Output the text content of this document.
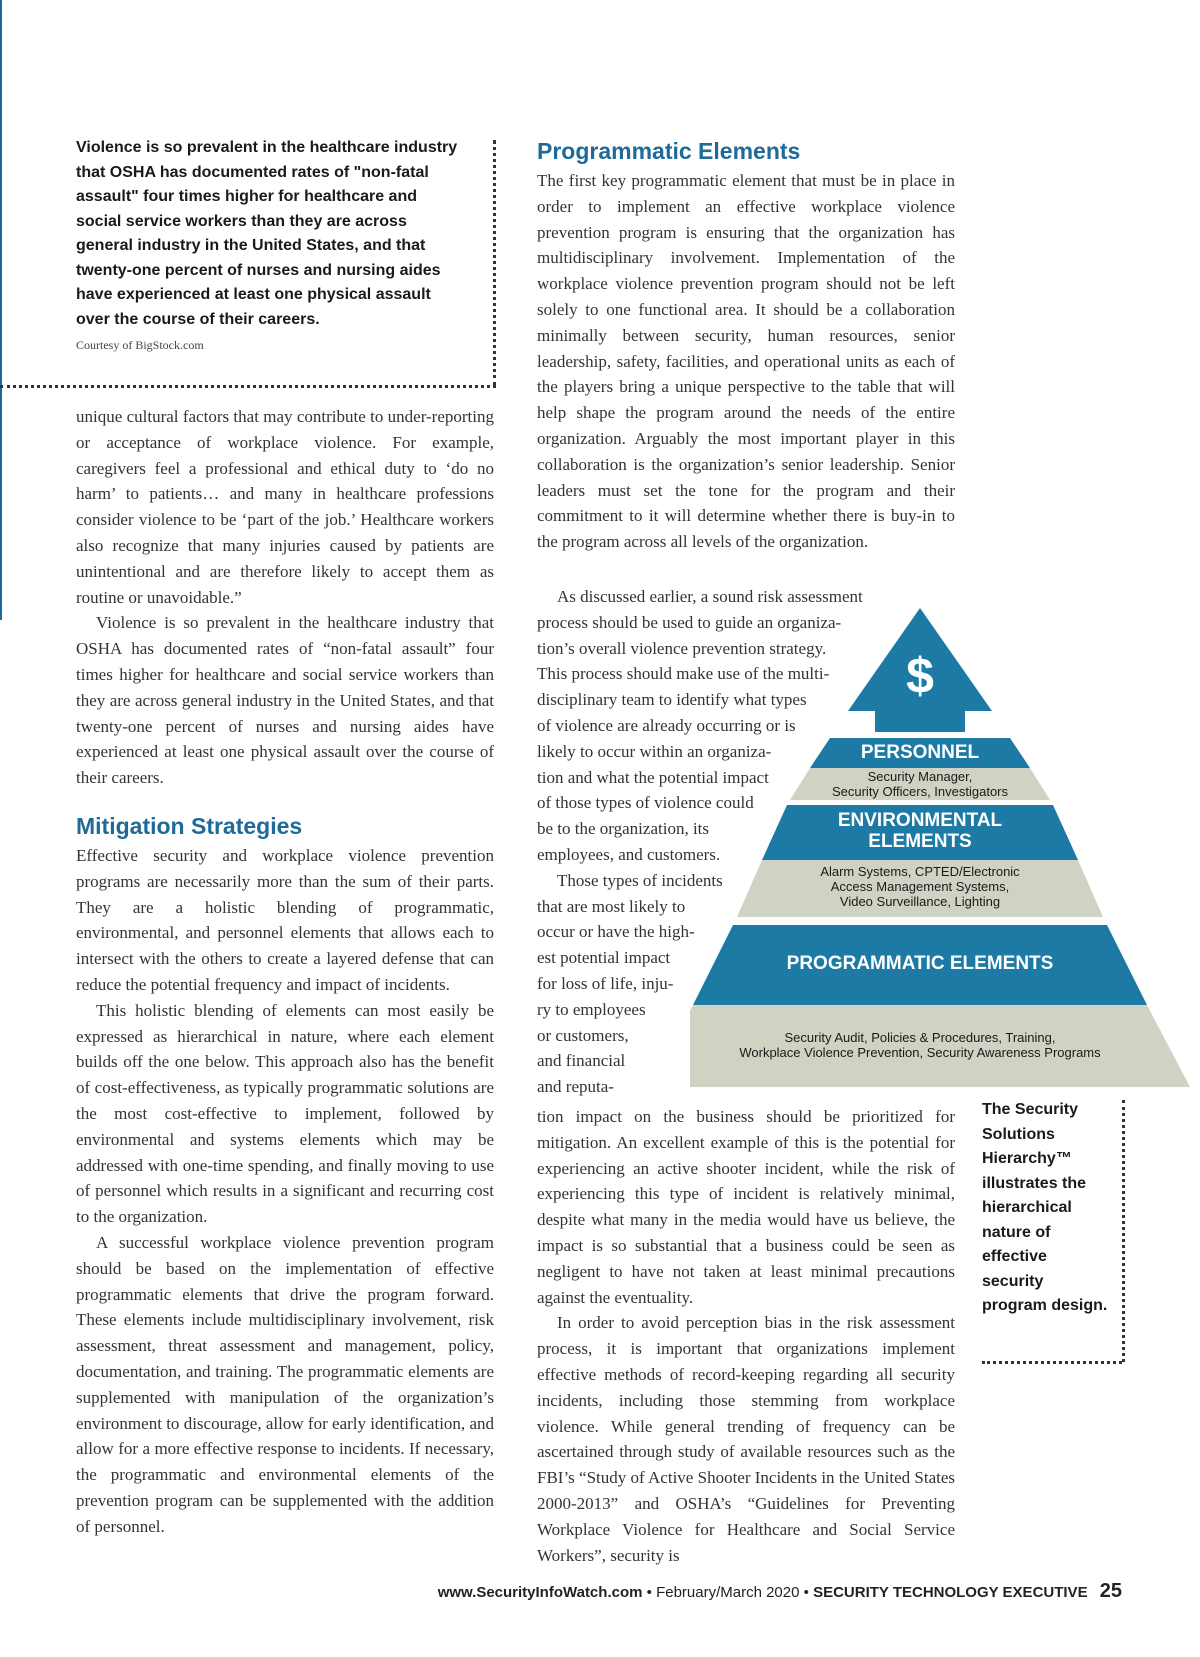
Violence is so prevalent in the healthcare industry that OSHA has documented rates of "non-fatal assault" four times higher for healthcare and social service workers than they are across general industry in the United States, and that twenty-one percent of nurses and nursing aides have experienced at least one physical assault over the course of their careers.

Courtesy of BigStock.com

unique cultural factors that may contribute to under-reporting or acceptance of workplace violence. For example, caregivers feel a professional and ethical duty to ‘do no harm’ to patients… and many in healthcare professions consider violence to be ‘part of the job.’ Healthcare workers also recognize that many injuries caused by patients are unintentional and are therefore likely to accept them as routine or unavoidable.”

Violence is so prevalent in the healthcare industry that OSHA has documented rates of “non-fatal assault” four times higher for healthcare and social service workers than they are across general industry in the United States, and that twenty-one percent of nurses and nursing aides have experienced at least one physical assault over the course of their careers.

Mitigation Strategies

Effective security and workplace violence prevention programs are necessarily more than the sum of their parts. They are a holistic blending of programmatic, environmental, and personnel elements that allows each to intersect with the others to create a layered defense that can reduce the potential frequency and impact of incidents.

This holistic blending of elements can most easily be expressed as hierarchical in nature, where each element builds off the one below. This approach also has the benefit of cost-effectiveness, as typically programmatic solutions are the most cost-effective to implement, followed by environmental and systems elements which may be addressed with one-time spending, and finally moving to use of personnel which results in a significant and recurring cost to the organization.

A successful workplace violence prevention program should be based on the implementation of effective programmatic elements that drive the program forward. These elements include multidisciplinary involvement, risk assessment, threat assessment and management, policy, documentation, and training. The programmatic elements are supplemented with manipulation of the organization’s environment to discourage, allow for early identification, and allow for a more effective response to incidents. If necessary, the programmatic and environmental elements of the prevention program can be supplemented with the addition of personnel.

Programmatic Elements

The first key programmatic element that must be in place in order to implement an effective workplace violence prevention program is ensuring that the organization has multidisciplinary involvement. Implementation of the workplace violence prevention program should not be left solely to one functional area. It should be a collaboration minimally between security, human resources, senior leadership, safety, facilities, and operational units as each of the players bring a unique perspective to the table that will help shape the program around the needs of the entire organization. Arguably the most important player in this collaboration is the organization’s senior leadership. Senior leaders must set the tone for the program and their commitment to it will determine whether there is buy-in to the program across all levels of the organization.

As discussed earlier, a sound risk assessment
process should be used to guide an organiza-
tion’s overall violence prevention strategy.
This process should make use of the multi-
disciplinary team to identify what types
of violence are already occurring or is
likely to occur within an organiza-
tion and what the potential impact
of those types of violence could
be to the organization, its
employees, and customers.
Those types of incidents
that are most likely to
occur or have the high-
est potential impact
for loss of life, inju-
ry to employees
or customers,
and financial
and reputa-

tion impact on the business should be prioritized for mitigation. An excellent example of this is the potential for experiencing an active shooter incident, while the risk of experiencing this type of incident is relatively minimal, despite what many in the media would have us believe, the impact is so substantial that a business could be seen as negligent to have not taken at least minimal precautions against the eventuality.

In order to avoid perception bias in the risk assessment process, it is important that organizations implement effective methods of record-keeping regarding all security incidents, including those stemming from workplace violence. While general trending of frequency can be ascertained through study of available resources such as the FBI’s “Study of Active Shooter Incidents in the United States 2000-2013” and OSHA’s “Guidelines for Preventing Workplace Violence for Healthcare and Social Service Workers”, security is

$
PERSONNEL
Security Manager,
Security Officers, Investigators
ENVIRONMENTAL
ELEMENTS
Alarm Systems, CPTED/Electronic
Access Management Systems,
Video Surveillance, Lighting
PROGRAMMATIC ELEMENTS
Security Audit, Policies & Procedures, Training,
Workplace Violence Prevention, Security Awareness Programs
The Security Solutions Hierarchy™ illustrates the hierarchical nature of effective security program design.
www.SecurityInfoWatch.com • February/March 2020 • SECURITY TECHNOLOGY EXECUTIVE 25
